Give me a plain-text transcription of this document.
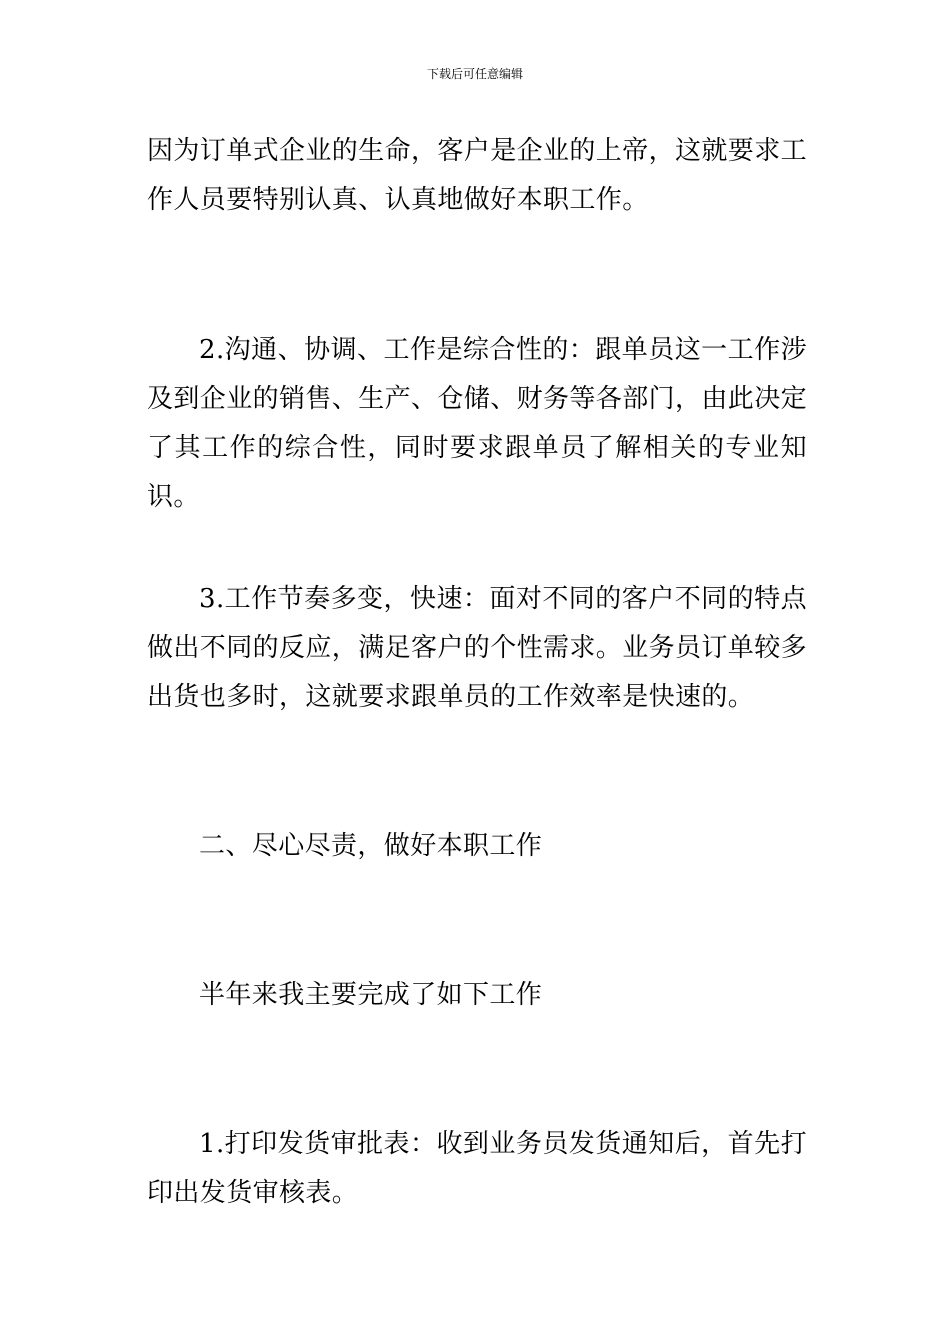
下载后可任意编辑

因为订单式企业的生命，客户是企业的上帝，这就要求工作人员要特别认真、认真地做好本职工作。

2.沟通、协调、工作是综合性的：跟单员这一工作涉及到企业的销售、生产、仓储、财务等各部门，由此决定了其工作的综合性，同时要求跟单员了解相关的专业知识。

3.工作节奏多变，快速：面对不同的客户不同的特点做出不同的反应，满足客户的个性需求。业务员订单较多出货也多时，这就要求跟单员的工作效率是快速的。

二、尽心尽责，做好本职工作

半年来我主要完成了如下工作

1.打印发货审批表：收到业务员发货通知后，首先打印出发货审核表。
